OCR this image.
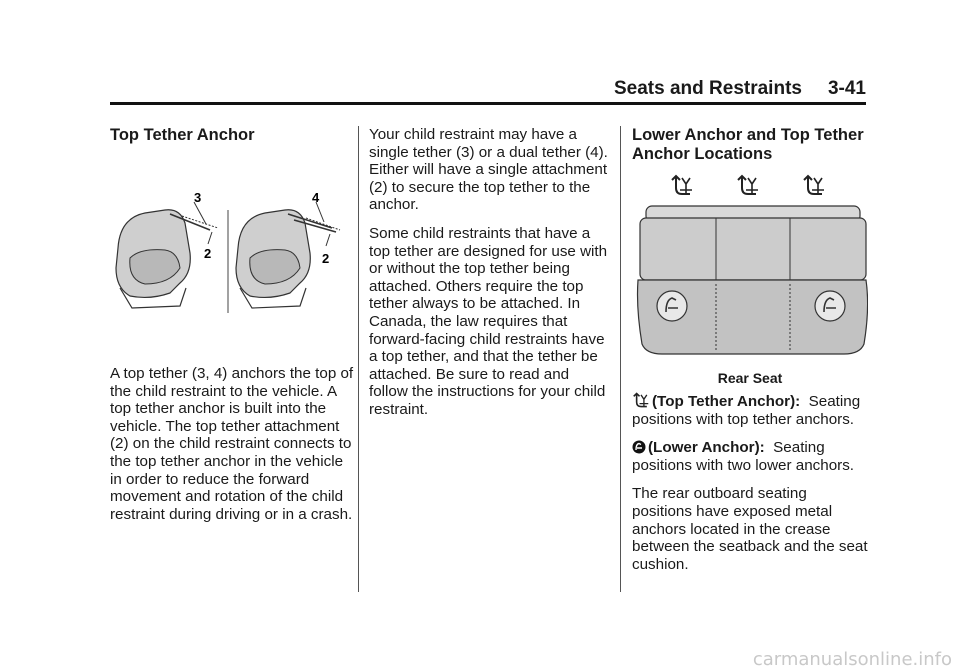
Seats and Restraints 3-41
Top Tether Anchor
3
2
4
2

A top tether (3, 4) anchors the top of the child restraint to the vehicle. A top tether anchor is built into the vehicle. The top tether attachment (2) on the child restraint connects to the top tether anchor in the vehicle in order to reduce the forward movement and rotation of the child restraint during driving or in a crash.

Your child restraint may have a single tether (3) or a dual tether (4). Either will have a single attachment (2) to secure the top tether to the anchor.

Some child restraints that have a top tether are designed for use with or without the top tether being attached. Others require the top tether always to be attached. In Canada, the law requires that forward-facing child restraints have a top tether, and that the tether be attached. Be sure to read and follow the instructions for your child restraint.

Lower Anchor and Top Tether Anchor Locations
Rear Seat

(Top Tether Anchor): Seating positions with top tether anchors.

(Lower Anchor): Seating positions with two lower anchors.

The rear outboard seating positions have exposed metal anchors located in the crease between the seatback and the seat cushion.

carmanualsonline.info
